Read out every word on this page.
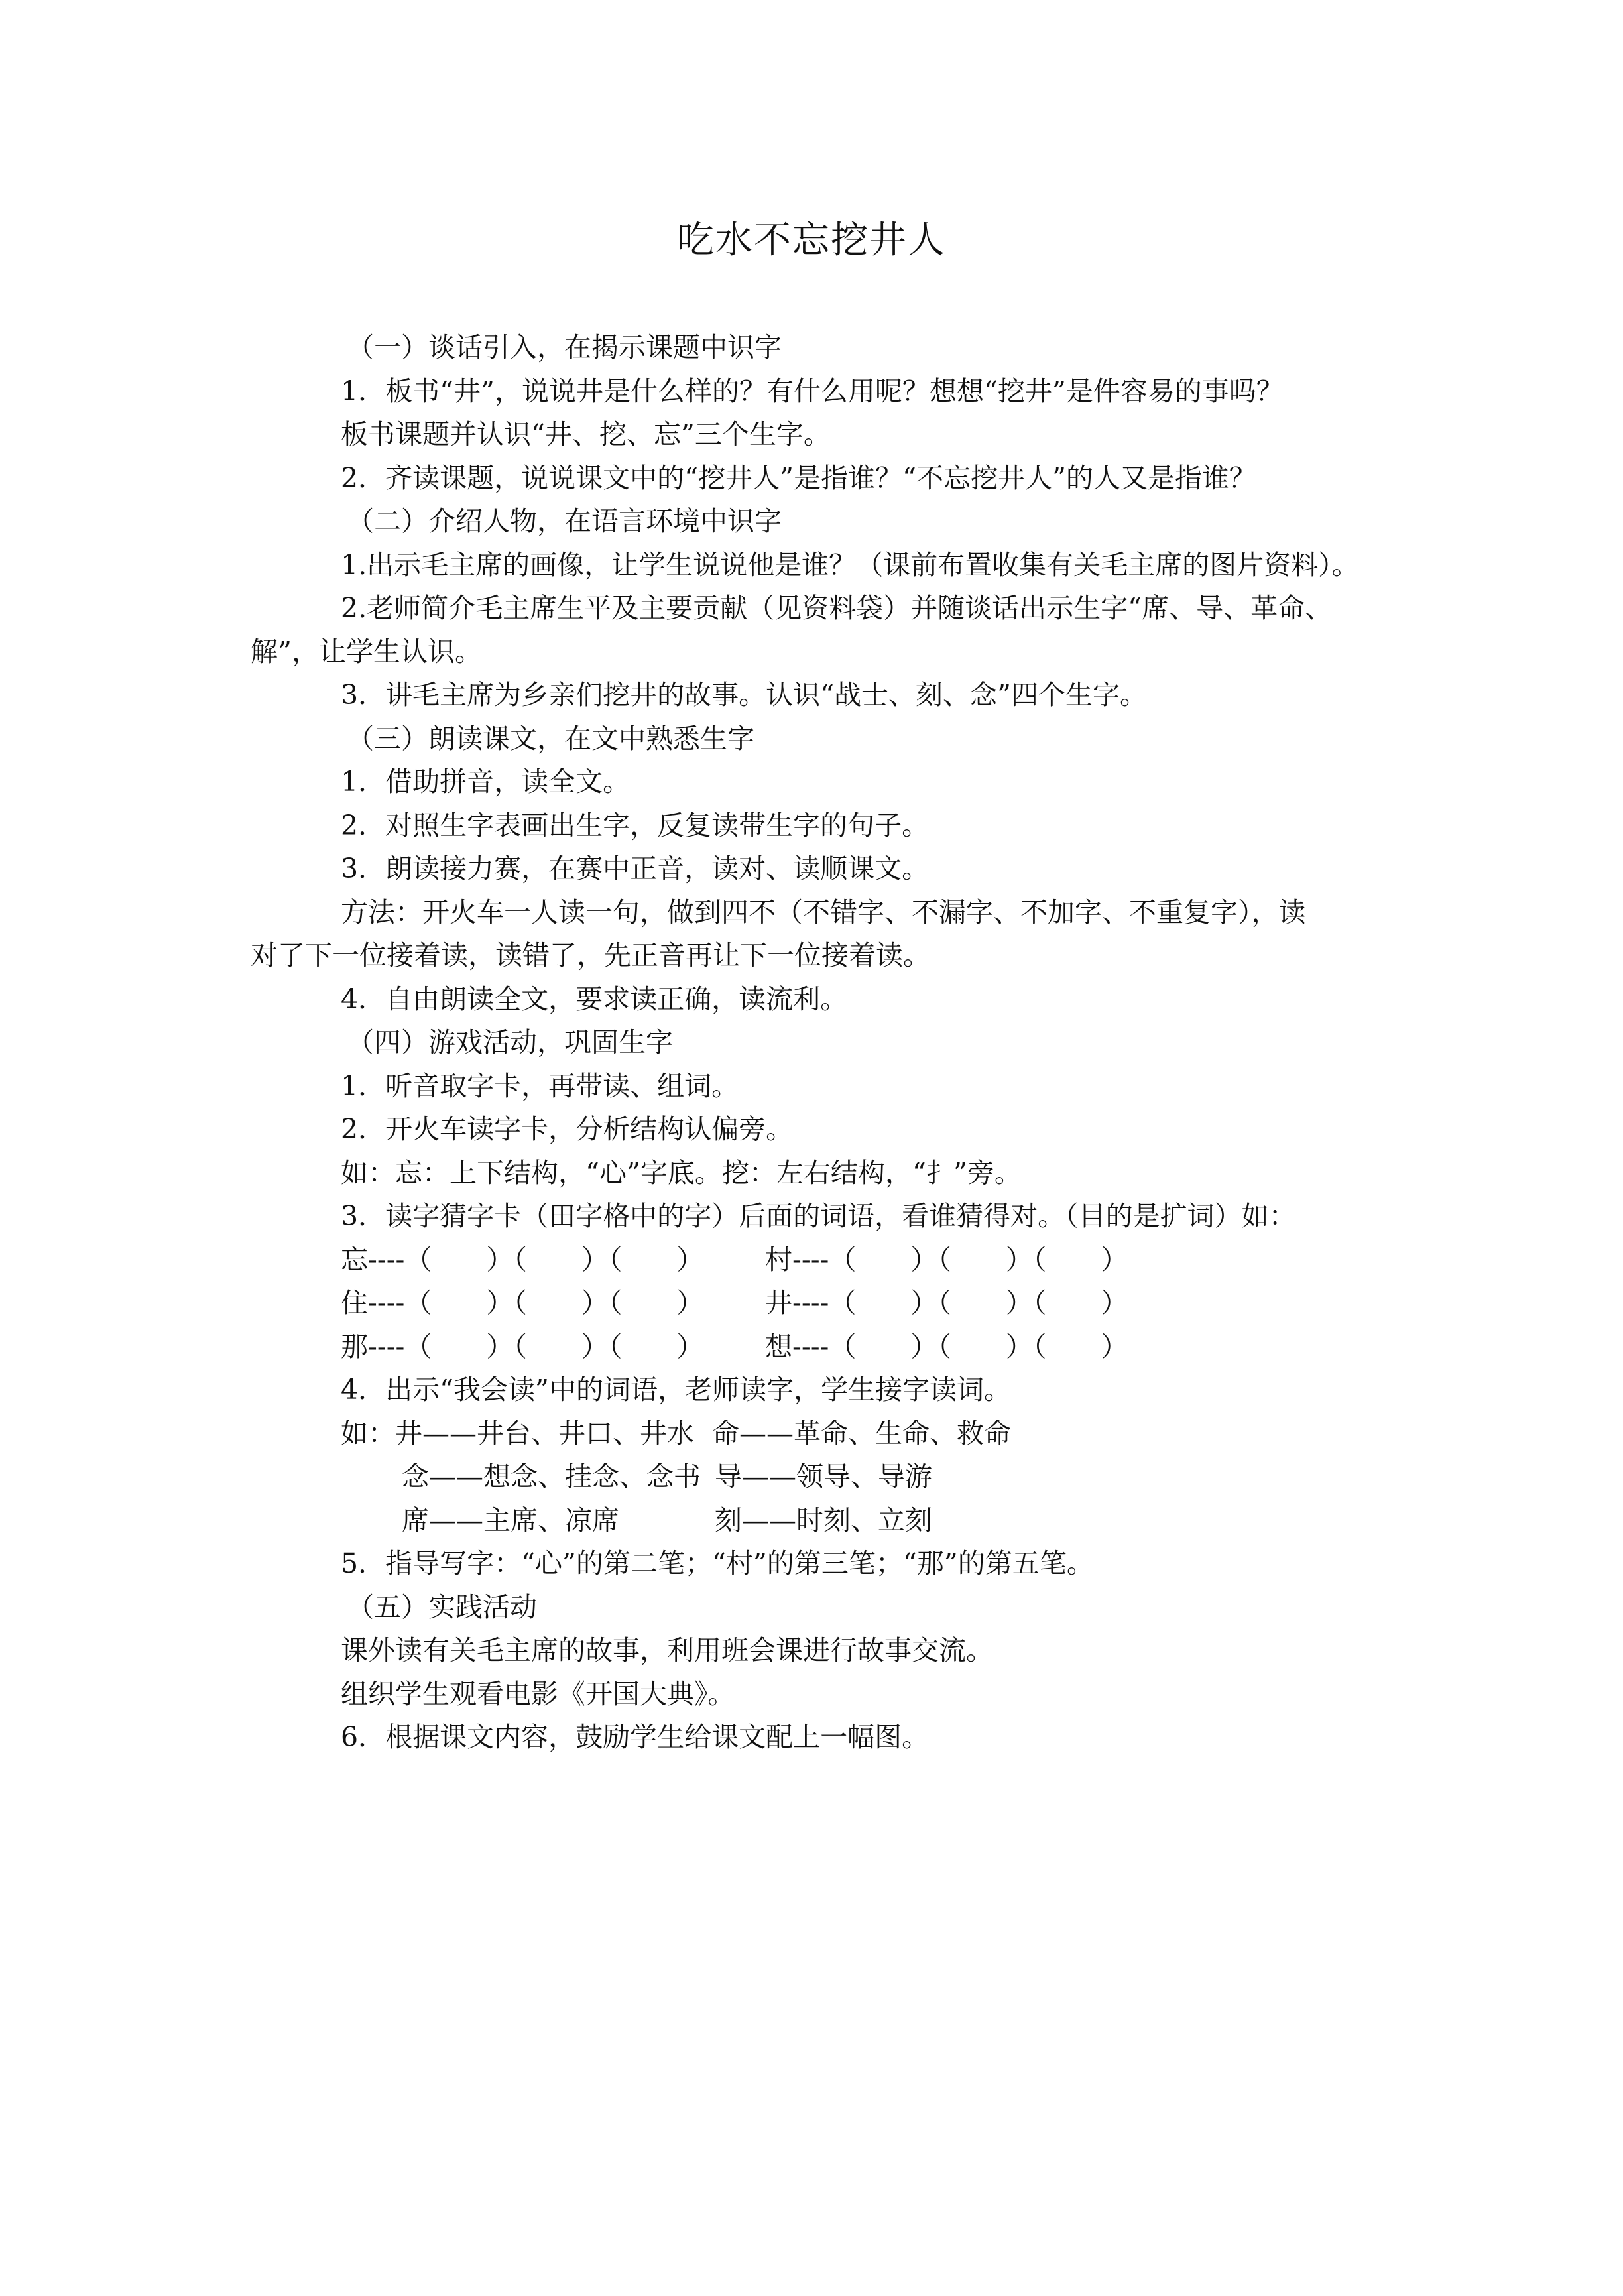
吃水不忘挖井人
（一）谈话引入，在揭示课题中识字
1．板书“井”，说说井是什么样的？有什么用呢？想想“挖井”是件容易的事吗？
板书课题并认识“井、挖、忘”三个生字。
2．齐读课题，说说课文中的“挖井人”是指谁？“不忘挖井人”的人又是指谁？
（二）介绍人物，在语言环境中识字
1.出示毛主席的画像，让学生说说他是谁？（课前布置收集有关毛主席的图片资料）。
2.老师简介毛主席生平及主要贡献（见资料袋）并随谈话出示生字“席、导、革命、
解”，让学生认识。
3．讲毛主席为乡亲们挖井的故事。认识“战士、刻、念”四个生字。
（三）朗读课文，在文中熟悉生字
1．借助拼音，读全文。
2．对照生字表画出生字，反复读带生字的句子。
3．朗读接力赛，在赛中正音，读对、读顺课文。
方法：开火车一人读一句，做到四不（不错字、不漏字、不加字、不重复字），读
对了下一位接着读，读错了，先正音再让下一位接着读。
4．自由朗读全文，要求读正确，读流利。
（四）游戏活动，巩固生字
1．听音取字卡，再带读、组词。
2．开火车读字卡，分析结构认偏旁。
如：忘：上下结构，“心”字底。挖：左右结构，“扌”旁。
3．读字猜字卡（田字格中的字）后面的词语，看谁猜得对。（目的是扩词）如：
忘----（　　）（　　）（　　） 村----（　　）（　　）（　　）
住----（　　）（　　）（　　） 井----（　　）（　　）（　　）
那----（　　）（　　）（　　） 想----（　　）（　　）（　　）
4．出示“我会读”中的词语，老师读字，学生接字读词。
如：井——井台、井口、井水 命——革命、生命、救命
念——想念、挂念、念书 导——领导、导游
席——主席、凉席	刻——时刻、立刻
5．指导写字：“心”的第二笔；“村”的第三笔；“那”的第五笔。
（五）实践活动
课外读有关毛主席的故事，利用班会课进行故事交流。
组织学生观看电影《开国大典》。
6．根据课文内容，鼓励学生给课文配上一幅图。
